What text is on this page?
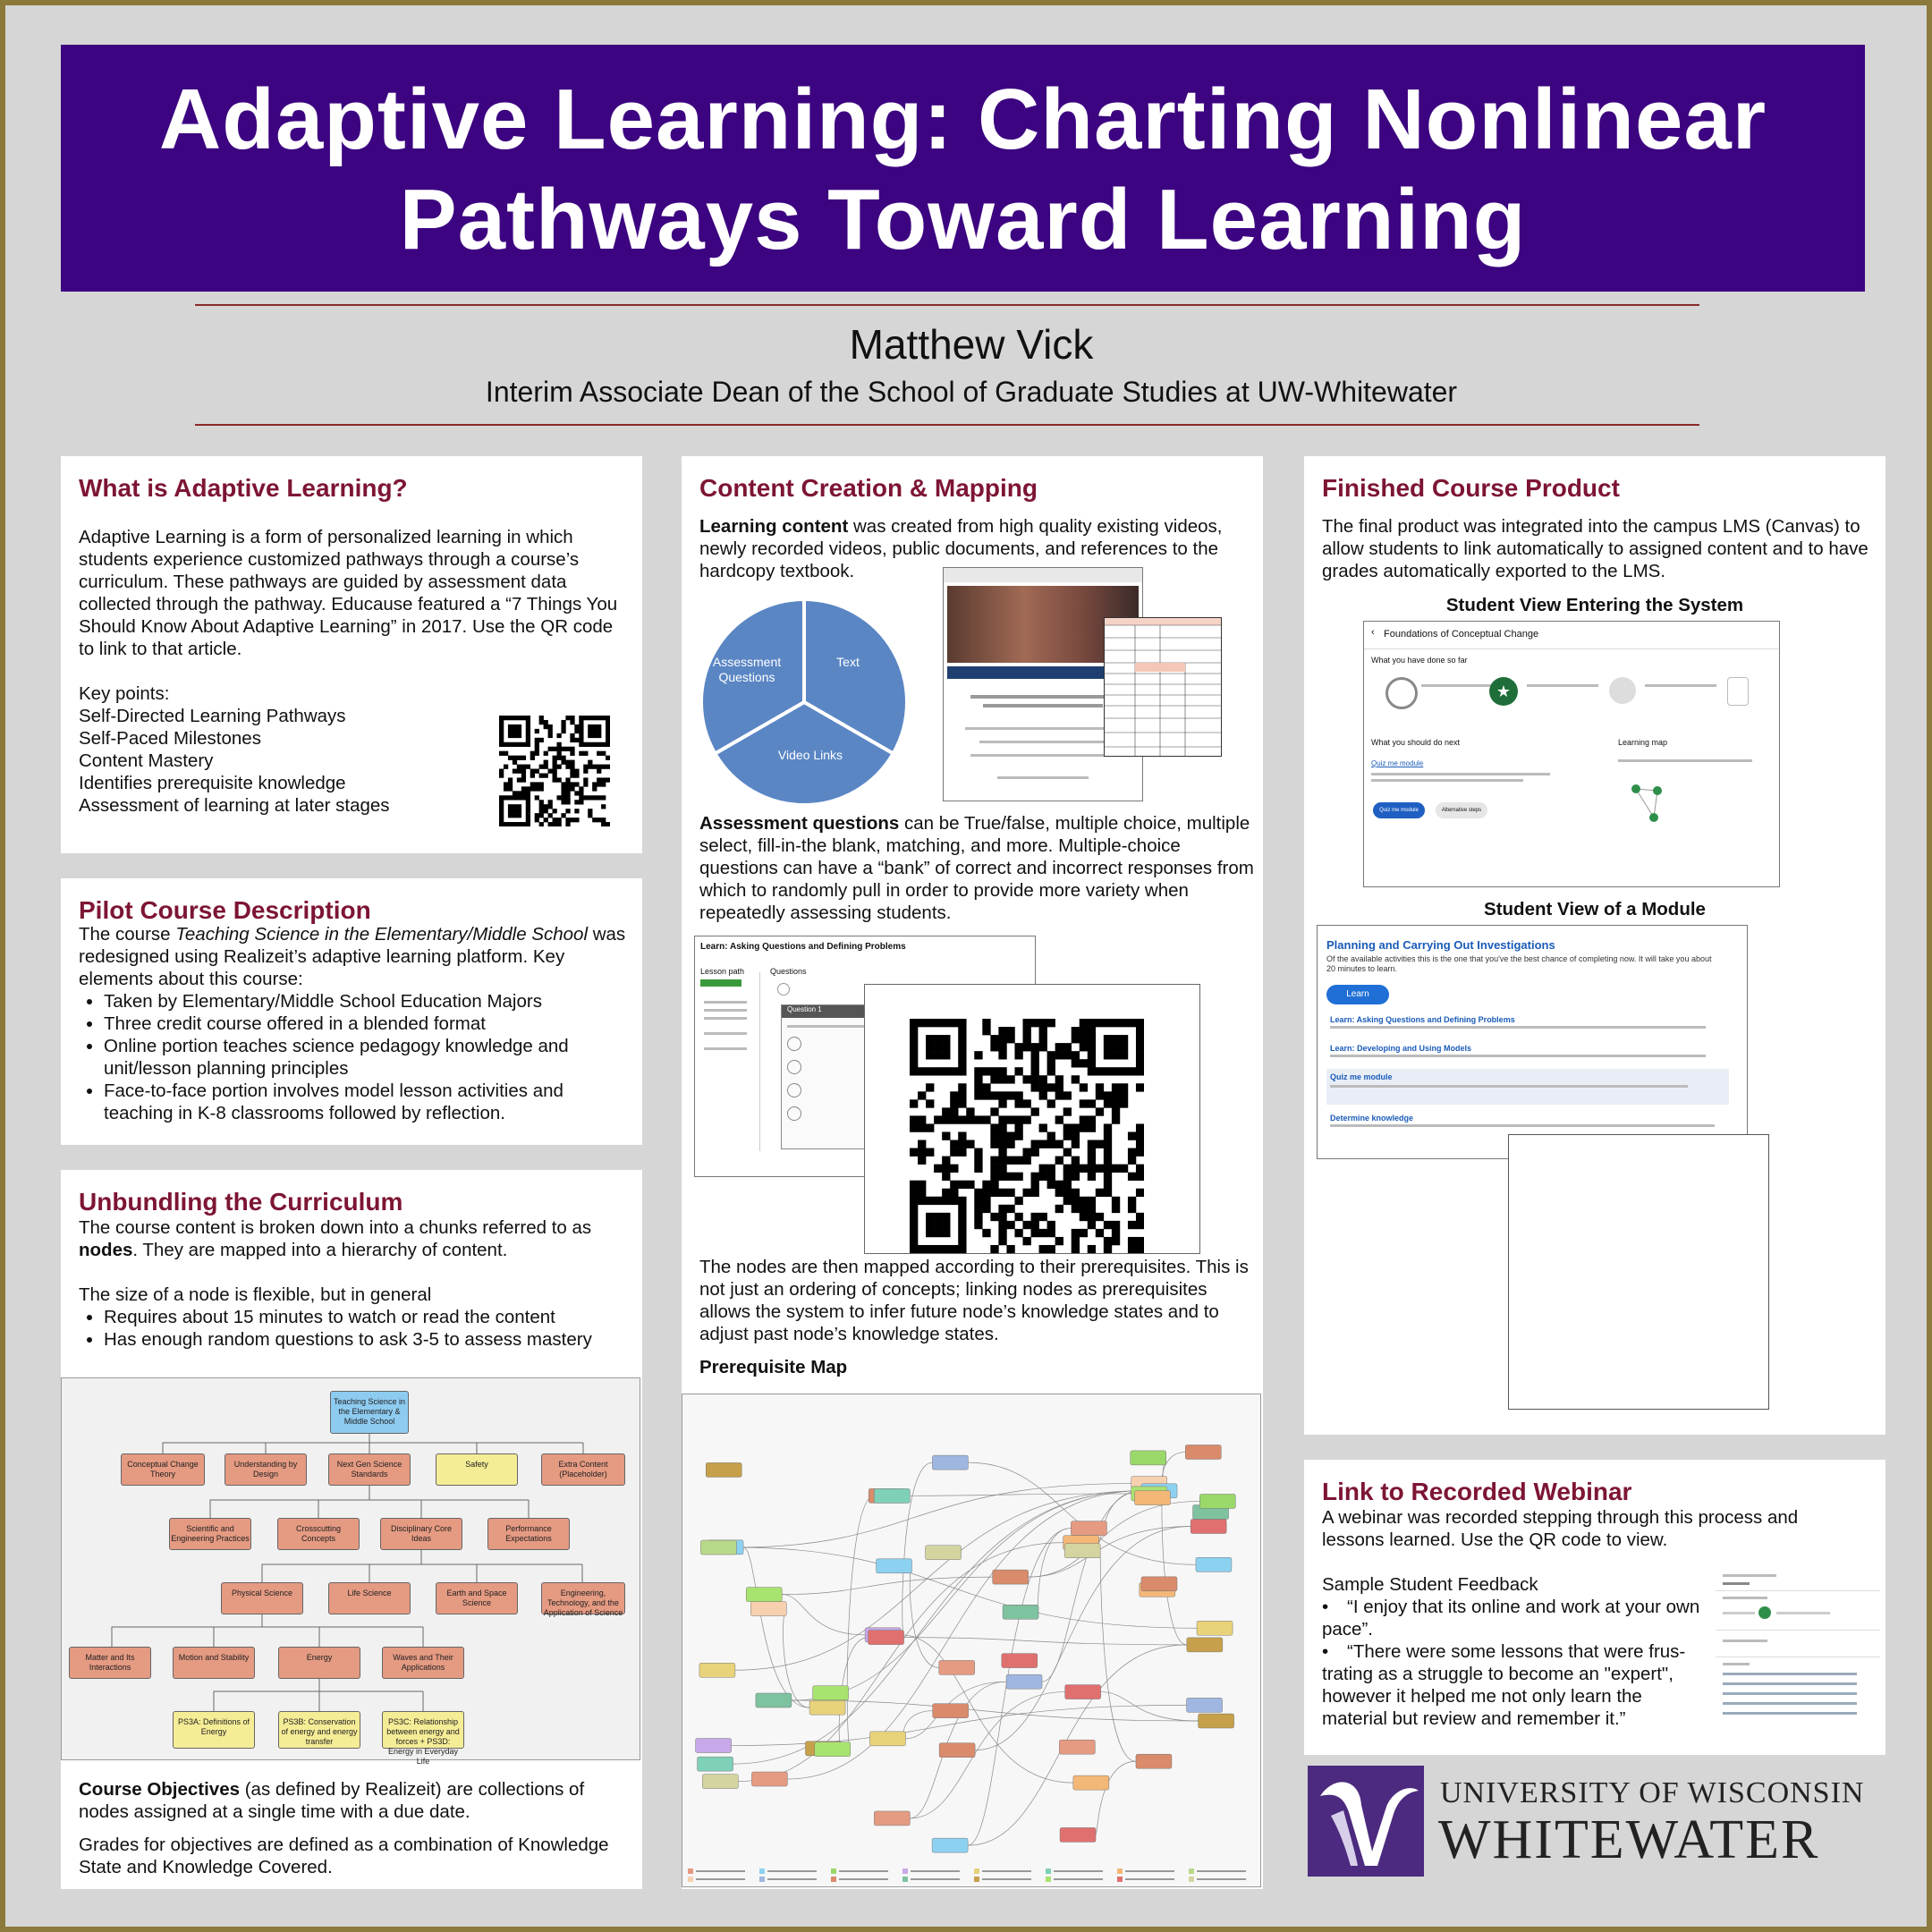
Adaptive Learning: Charting Nonlinear
Pathways Toward Learning
Matthew Vick
Interim Associate Dean of the School of Graduate Studies at UW-Whitewater
What is Adaptive Learning?

Adaptive Learning is a form of personalized learning in which students experience customized pathways through a course’s curriculum. These pathways are guided by assessment data collected through the pathway. Educause featured a “7 Things You Should Know About Adaptive Learning” in 2017. Use the QR code to link to that article.

Key points:

Self-Directed Learning Pathways

Self-Paced Milestones

Content Mastery

Identifies prerequisite knowledge

Assessment of learning at later stages

Pilot Course Description

The course Teaching Science in the Elementary/Middle School was redesigned using Realizeit’s adaptive learning platform. Key elements about this course:

• Taken by Elementary/Middle School Education Majors
• Three credit course offered in a blended format
• Online portion teaches science pedagogy knowledge and unit/lesson planning principles
• Face-to-face portion involves model lesson activities and teaching in K-8 classrooms followed by reflection.
Unbundling the Curriculum

The course content is broken down into a chunks referred to as nodes. They are mapped into a hierarchy of content.

The size of a node is flexible, but in general

• Requires about 15 minutes to watch or read the content
• Has enough random questions to ask 3-5 to assess mastery
Teaching Science in the Elementary & Middle School
Conceptual Change Theory
Understanding by Design
Next Gen Science Standards
Safety	Extra Content (Placeholder)
Scientific and Engineering Practices
Crosscutting Concepts
Disciplinary Core Ideas
Performance Expectations
Physical Science	Life Science	Earth and Space Science
Engineering, Technology, and the Application of Science
Matter and Its Interactions
Motion and Stability	Energy	Waves and Their Applications
PS3A: Definitions of Energy
PS3B: Conservation of energy and energy transfer
PS3C: Relationship between energy and forces + PS3D: Energy in Everyday Life

Course Objectives (as defined by Realizeit) are collections of nodes assigned at a single time with a due date.

Grades for objectives are defined as a combination of Knowledge State and Knowledge Covered.

Content Creation & Mapping

Learning content was created from high quality existing videos, newly recorded videos, public documents, and references to the hardcopy textbook.

Text
Video Links
Assessment Questions

Assessment questions can be True/false, multiple choice, multiple select, fill-in-the blank, matching, and more. Multiple-choice questions can have a “bank” of correct and incorrect responses from which to randomly pull in order to provide more variety when repeatedly assessing students.

Learn: Asking Questions and Defining Problems
Lesson path	Questions
Question 1
The nodes are then mapped according to their prerequisites. This is not just an ordering of concepts; linking nodes as prerequisites allows the system to infer future node’s knowledge states and to adjust past node’s knowledge states.
Prerequisite Map
Finished Course Product
The final product was integrated into the campus LMS (Canvas) to allow students to link automatically to assigned content and to have grades automatically exported to the LMS.
Student View Entering the System
‹ Foundations of Conceptual Change
What you have done so far
★
What you should do next
Quiz me module
Quiz me module	Alternative steps
Learning map
Student View of a Module
Planning and Carrying Out Investigations
Of the available activities this is the one that you've the best chance of completing now. It will take you about 20 minutes to learn.
Learn
Learn: Asking Questions and Defining Problems
Learn: Developing and Using Models
Quiz me module
Determine knowledge
Link to Recorded Webinar

A webinar was recorded stepping through this process and lessons learned. Use the QR code to view.

Sample Student Feedback

• “I enjoy that its online and work at your own pace”.

• “There were some lessons that were frus- trating as a struggle to become an "expert", however it helped me not only learn the material but review and remember it.”

UNIVERSITY OF WISCONSIN
WHITEWATER
